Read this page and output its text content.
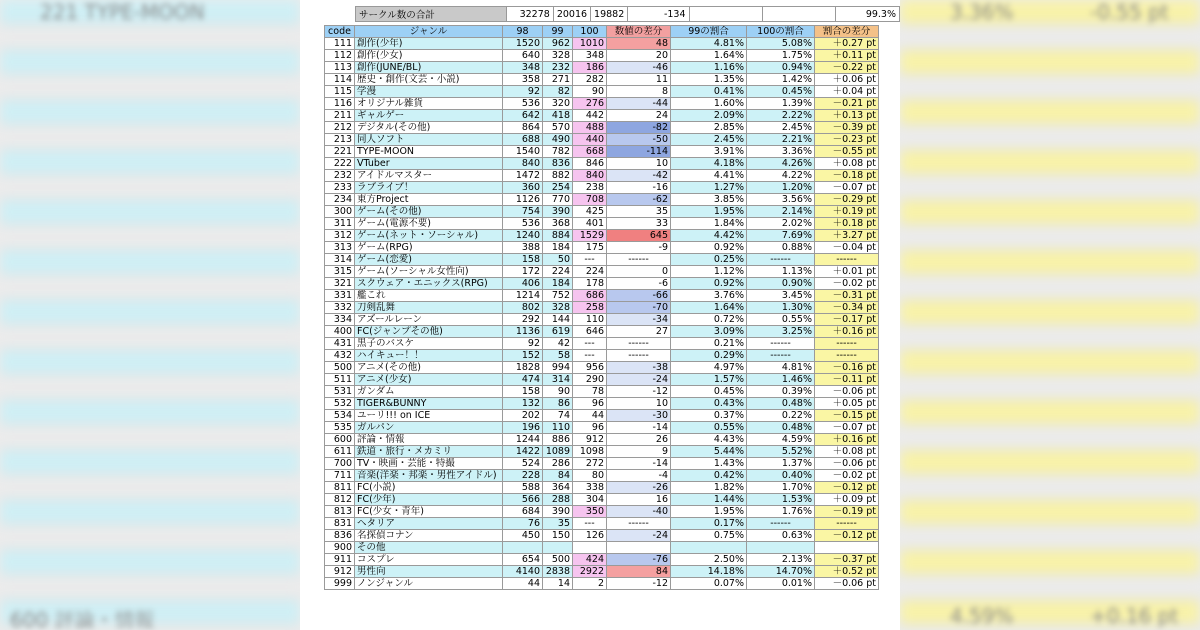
221 TYPE-MOON
600 評論・情報
3.36%	-0.55 pt
4.59%	+0.16 pt
サークル数の合計	32278	20016	19882	-134			99.3%
code	ジャンル	98	99	100	数値の差分	99の割合	100の割合	割合の差分
111	創作(少年)	1520	962	1010	48	4.81%	5.08%	＋0.27 pt
112	創作(少女)	640	328	348	20	1.64%	1.75%	＋0.11 pt
113	創作(JUNE/BL)	348	232	186	-46	1.16%	0.94%	－0.22 pt
114	歴史・創作(文芸・小説)	358	271	282	11	1.35%	1.42%	＋0.06 pt
115	学漫	92	82	90	8	0.41%	0.45%	＋0.04 pt
116	オリジナル雑貨	536	320	276	-44	1.60%	1.39%	－0.21 pt
211	ギャルゲー	642	418	442	24	2.09%	2.22%	＋0.13 pt
212	デジタル(その他)	864	570	488	-82	2.85%	2.45%	－0.39 pt
213	同人ソフト	688	490	440	-50	2.45%	2.21%	－0.23 pt
221	TYPE-MOON	1540	782	668	-114	3.91%	3.36%	－0.55 pt
222	VTuber	840	836	846	10	4.18%	4.26%	＋0.08 pt
232	アイドルマスター	1472	882	840	-42	4.41%	4.22%	－0.18 pt
233	ラブライブ！	360	254	238	-16	1.27%	1.20%	－0.07 pt
234	東方Project	1126	770	708	-62	3.85%	3.56%	－0.29 pt
300	ゲーム(その他)	754	390	425	35	1.95%	2.14%	＋0.19 pt
311	ゲーム(電源不要)	536	368	401	33	1.84%	2.02%	＋0.18 pt
312	ゲーム(ネット・ソーシャル)	1240	884	1529	645	4.42%	7.69%	＋3.27 pt
313	ゲーム(RPG)	388	184	175	-9	0.92%	0.88%	－0.04 pt
314	ゲーム(恋愛)	158	50	---	------	0.25%	------	------
315	ゲーム(ソーシャル女性向)	172	224	224	0	1.12%	1.13%	＋0.01 pt
321	スクウェア・エニックス(RPG)	406	184	178	-6	0.92%	0.90%	－0.02 pt
331	艦これ	1214	752	686	-66	3.76%	3.45%	－0.31 pt
332	刀剣乱舞	802	328	258	-70	1.64%	1.30%	－0.34 pt
334	アズールレーン	292	144	110	-34	0.72%	0.55%	－0.17 pt
400	FC(ジャンプその他)	1136	619	646	27	3.09%	3.25%	＋0.16 pt
431	黒子のバスケ	92	42	---	------	0.21%	------	------
432	ハイキュー！！	152	58	---	------	0.29%	------	------
500	アニメ(その他)	1828	994	956	-38	4.97%	4.81%	－0.16 pt
511	アニメ(少女)	474	314	290	-24	1.57%	1.46%	－0.11 pt
531	ガンダム	158	90	78	-12	0.45%	0.39%	－0.06 pt
532	TIGER&BUNNY	132	86	96	10	0.43%	0.48%	＋0.05 pt
534	ユーリ!!! on ICE	202	74	44	-30	0.37%	0.22%	－0.15 pt
535	ガルパン	196	110	96	-14	0.55%	0.48%	－0.07 pt
600	評論・情報	1244	886	912	26	4.43%	4.59%	＋0.16 pt
611	鉄道・旅行・メカミリ	1422	1089	1098	9	5.44%	5.52%	＋0.08 pt
700	TV・映画・芸能・特撮	524	286	272	-14	1.43%	1.37%	－0.06 pt
711	音楽(洋楽・邦楽・男性アイドル)	228	84	80	-4	0.42%	0.40%	－0.02 pt
811	FC(小説)	588	364	338	-26	1.82%	1.70%	－0.12 pt
812	FC(少年)	566	288	304	16	1.44%	1.53%	＋0.09 pt
813	FC(少女・青年)	684	390	350	-40	1.95%	1.76%	－0.19 pt
831	ヘタリア	76	35	---	------	0.17%	------	------
836	名探偵コナン	450	150	126	-24	0.75%	0.63%	－0.12 pt
900	その他							
911	コスプレ	654	500	424	-76	2.50%	2.13%	－0.37 pt
912	男性向	4140	2838	2922	84	14.18%	14.70%	＋0.52 pt
999	ノンジャンル	44	14	2	-12	0.07%	0.01%	－0.06 pt
